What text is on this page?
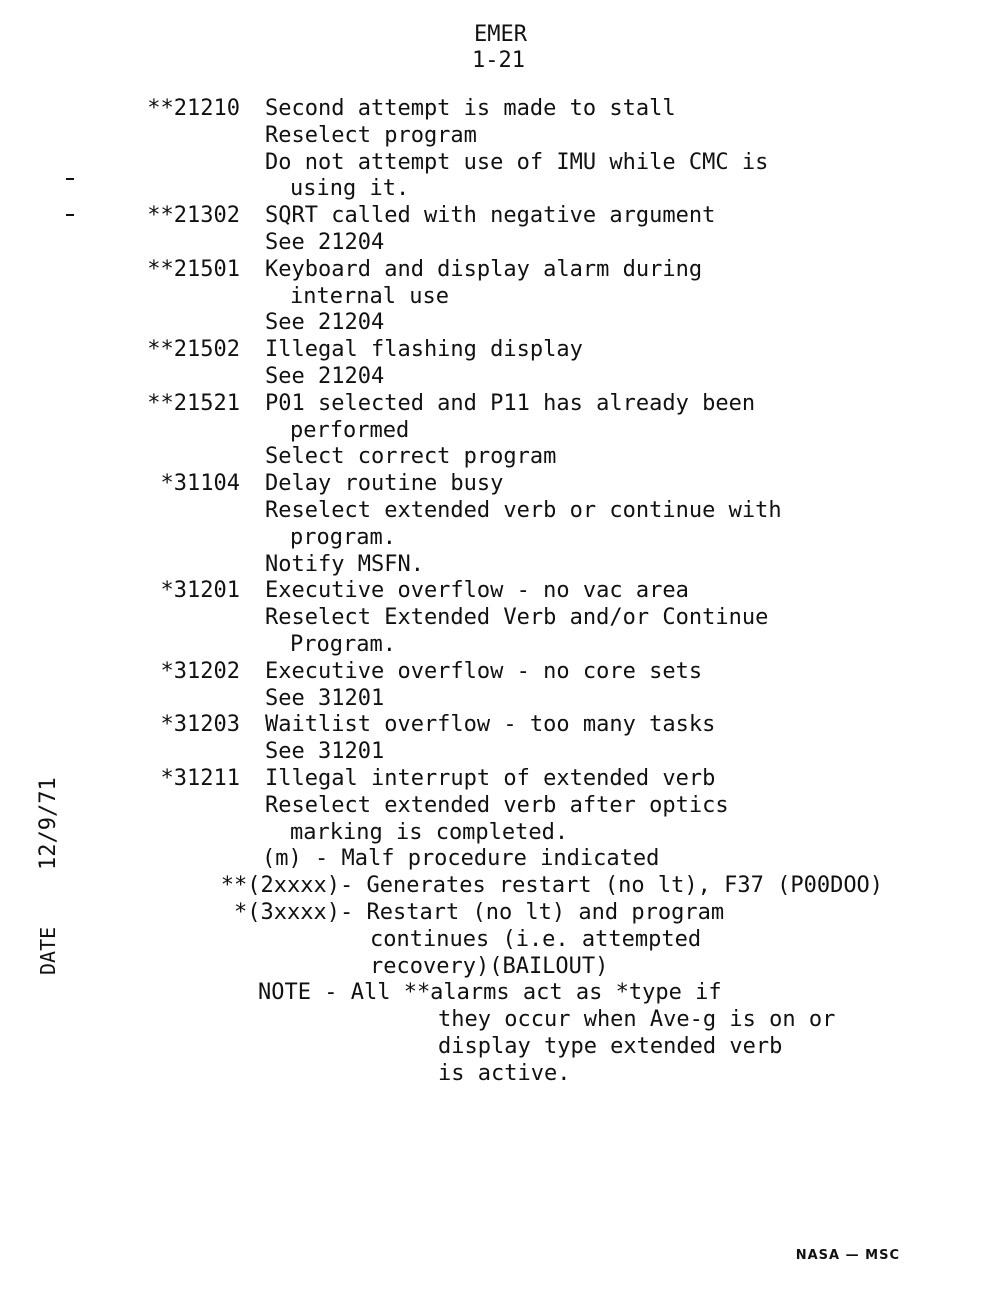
EMER
1-21
**21210 Second attempt is made to stall
Reselect program
Do not attempt use of IMU while CMC is
using it.
**21302 SQRT called with negative argument
See 21204
**21501 Keyboard and display alarm during
internal use
See 21204
**21502 Illegal flashing display
See 21204
**21521 P01 selected and P11 has already been
performed
Select correct program
*31104 Delay routine busy
Reselect extended verb or continue with
program.
Notify MSFN.
*31201 Executive overflow - no vac area
Reselect Extended Verb and/or Continue
Program.
*31202 Executive overflow - no core sets
See 31201
*31203 Waitlist overflow - too many tasks
See 31201
*31211 Illegal interrupt of extended verb
Reselect extended verb after optics
marking is completed.
(m) - Malf procedure indicated
**(2xxxx) - Generates restart (no lt), F37 (P00DOO)
*(3xxxx) - Restart (no lt) and program
continues (i.e. attempted
recovery)(BAILOUT)
NOTE - All **alarms act as *type if
they occur when Ave-g is on or
display type extended verb
is active.
12/9/71
DATE
NASA — MSC
